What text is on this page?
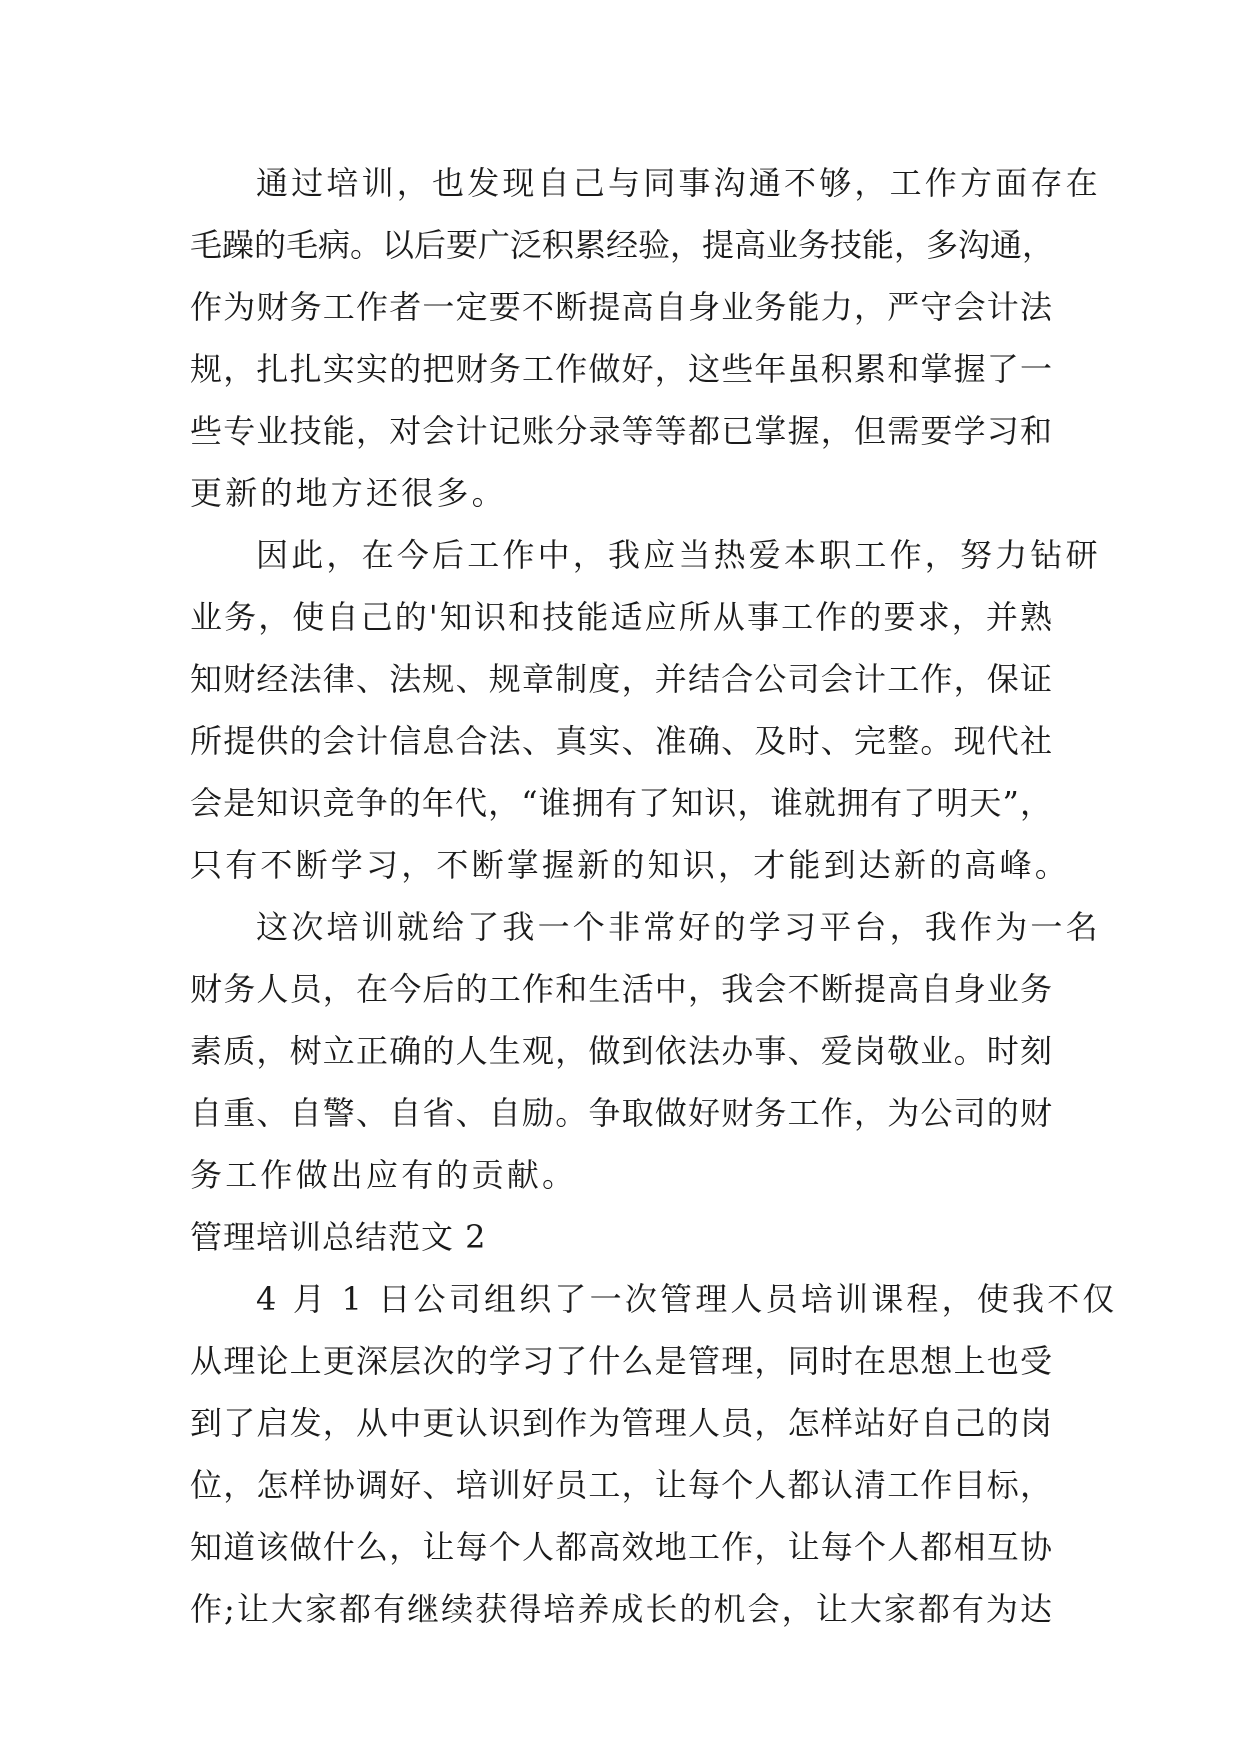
通过培训，也发现自己与同事沟通不够，工作方面存在
毛躁的毛病。以后要广泛积累经验，提高业务技能，多沟通，
作为财务工作者一定要不断提高自身业务能力，严守会计法
规，扎扎实实的把财务工作做好，这些年虽积累和掌握了一
些专业技能，对会计记账分录等等都已掌握，但需要学习和
更新的地方还很多。
因此，在今后工作中，我应当热爱本职工作，努力钻研
业务，使自己的'知识和技能适应所从事工作的要求，并熟
知财经法律、法规、规章制度，并结合公司会计工作，保证
所提供的会计信息合法、真实、准确、及时、完整。现代社
会是知识竞争的年代，“谁拥有了知识，谁就拥有了明天”，
只有不断学习，不断掌握新的知识，才能到达新的高峰。
这次培训就给了我一个非常好的学习平台，我作为一名
财务人员，在今后的工作和生活中，我会不断提高自身业务
素质，树立正确的人生观，做到依法办事、爱岗敬业。时刻
自重、自警、自省、自励。争取做好财务工作，为公司的财
务工作做出应有的贡献。
管理培训总结范文 2
4 月 1 日公司组织了一次管理人员培训课程，使我不仅
从理论上更深层次的学习了什么是管理，同时在思想上也受
到了启发，从中更认识到作为管理人员，怎样站好自己的岗
位，怎样协调好、培训好员工，让每个人都认清工作目标，
知道该做什么，让每个人都高效地工作，让每个人都相互协
作;让大家都有继续获得培养成长的机会，让大家都有为达
